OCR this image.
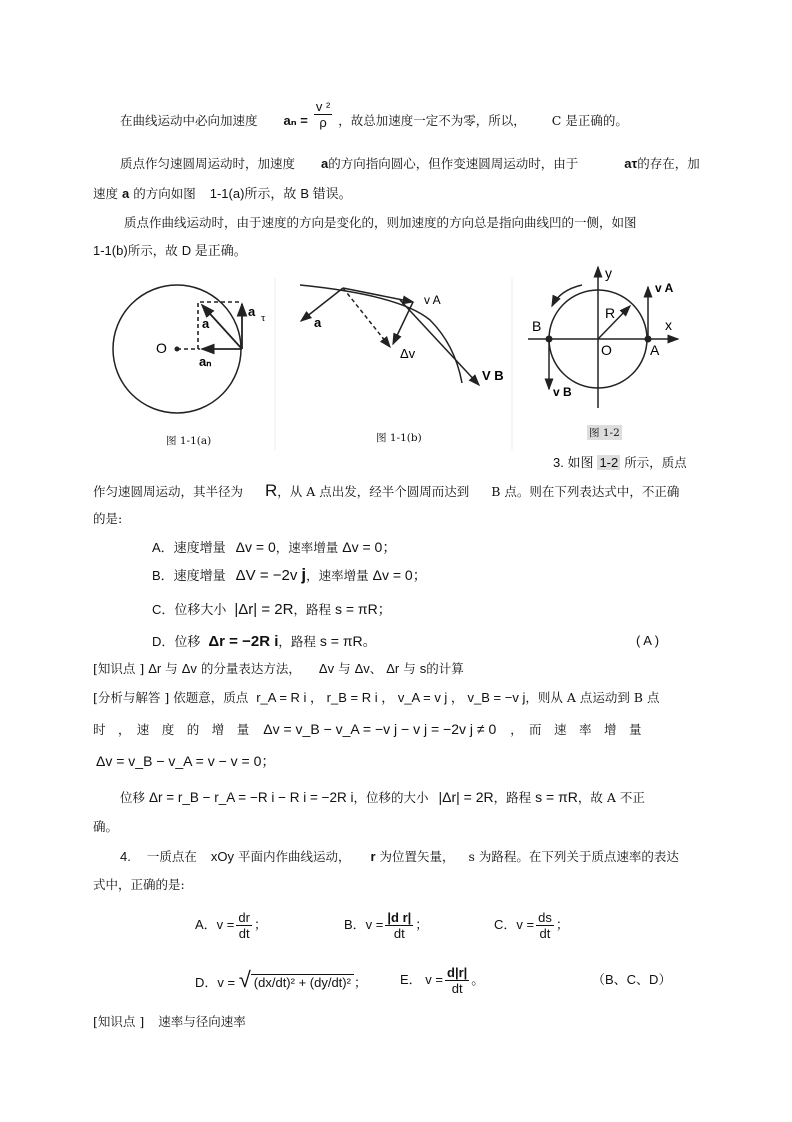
在曲线运动中必向加速度 $a_n = \frac{\text{v ²}}{\rho}$ ，故总加速度一定不为零，所以， C 是正确的。
质点作匀速圆周运动时，加速度 a的方向指向圆心，但作变速圆周运动时，由于	aτ的存在，加
速度 a 的方向如图 1-1(a)所示，故 B 错误。
质点作曲线运动时，由于速度的方向是变化的，则加速度的方向总是指向曲线凹的一侧，如图
1-1(b)所示，故 D 是正确。
O
a
aₙ
a τ	a
v A
Δv
V B
y
x
v A
R
B
O	A
v B
图 1-1(a)	图 1-1(b)	图 1-2
3. 如图 1-2 所示，质点
作匀速圆周运动，其半径为 R，从 A 点出发，经半个圆周而达到 B 点。则在下列表达式中，不正确
的是:
A．速度增量 Δv = 0，速率增量 Δv = 0；
B．速度增量 ΔV = −2v j，速率增量 Δv = 0；
C．位移大小 |Δr| = 2R，路程 s = πR；
D．位移 Δr = −2R i，路程 s = πR。	( A )
[知识点 ] Δr 与 Δv 的分量表达方法， Δv 与 Δv、 Δr 与 s的计算
[分析与解答 ] 依题意，质点 r_A = R i ， r_B = R i ， v_A = v j ， v_B = −v j，则从 A 点运动到 B 点
时　，　速　度　的　增　量 Δv = v_B − v_A = −v j − v j = −2v j ≠ 0 ，　而　速　率　增　量
Δv = v_B − v_A = v − v = 0；
位移 Δr = r_B − r_A = −R i − R i = −2R i，位移的大小 |Δr| = 2R，路程 s = πR，故 A 不正
确。
4. 一质点在 xOy 平面内作曲线运动， r 为位置矢量， s 为路程。在下列关于质点速率的表达
式中，正确的是:
A．$v = \frac{dr}{dt}$ ；	B．$v = \frac{\text{|d r|}}{dt}$ ；	C．$v = \frac{ds}{dt}$ ；
D．v = √ (dx/dt)² + (dy/dt)² ；	E． $v = \frac{d|r|}{dt}$ 。	（B、C、D）
[知识点 ] 速率与径向速率
